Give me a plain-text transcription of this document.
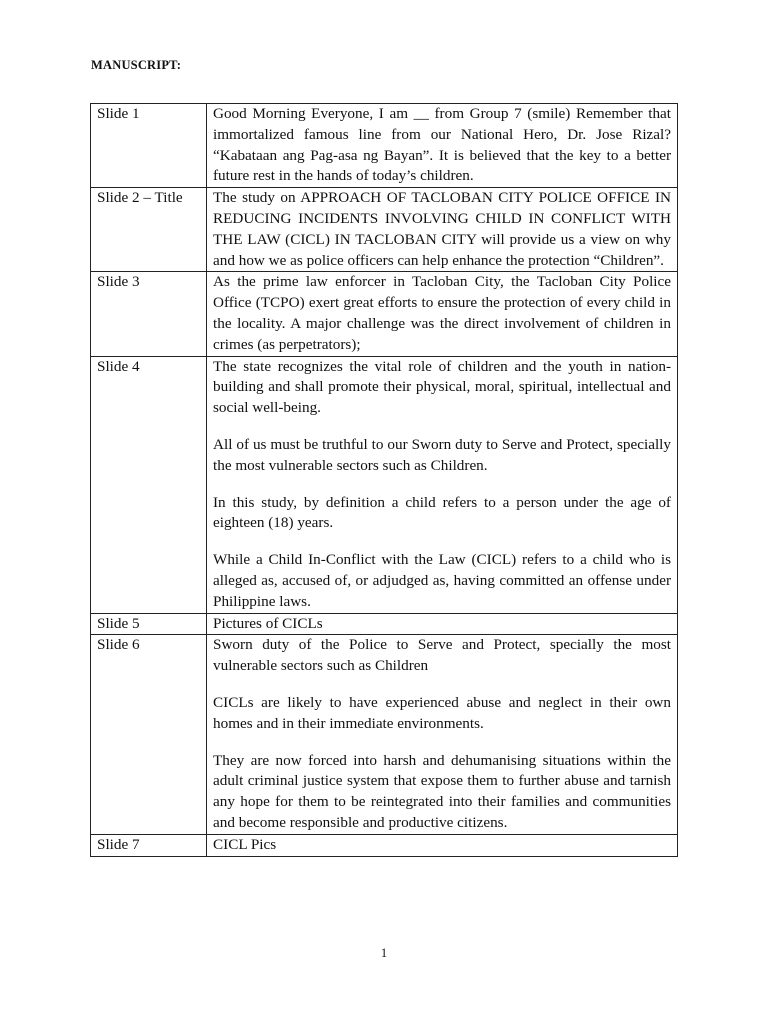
MANUSCRIPT:
Slide 1	Good Morning Everyone, I am __ from Group 7 (smile) Remember that immortalized famous line from our National Hero, Dr. Jose Rizal? “Kabataan ang Pag-asa ng Bayan”. It is believed that the key to a better future rest in the hands of today’s children.

Slide 2 – Title	The study on APPROACH OF TACLOBAN CITY POLICE OFFICE IN REDUCING INCIDENTS INVOLVING CHILD IN CONFLICT WITH THE LAW (CICL) IN TACLOBAN CITY will provide us a view on why and how we as police officers can help enhance the protection “Children”.

Slide 3	As the prime law enforcer in Tacloban City, the Tacloban City Police Office (TCPO) exert great efforts to ensure the protection of every child in the locality. A major challenge was the direct involvement of children in crimes (as perpetrators);

Slide 4	The state recognizes the vital role of children and the youth in nation-building and shall promote their physical, moral, spiritual, intellectual and social well-being.

All of us must be truthful to our Sworn duty to Serve and Protect, specially the most vulnerable sectors such as Children.

In this study, by definition a child refers to a person under the age of eighteen (18) years.

While a Child In-Conflict with the Law (CICL) refers to a child who is alleged as, accused of, or adjudged as, having committed an offense under Philippine laws.

Slide 5	Pictures of CICLs

Slide 6	Sworn duty of the Police to Serve and Protect, specially the most vulnerable sectors such as Children

CICLs are likely to have experienced abuse and neglect in their own homes and in their immediate environments.

They are now forced into harsh and dehumanising situations within the adult criminal justice system that expose them to further abuse and tarnish any hope for them to be reintegrated into their families and communities and become responsible and productive citizens.

Slide 7	CICL Pics

1
